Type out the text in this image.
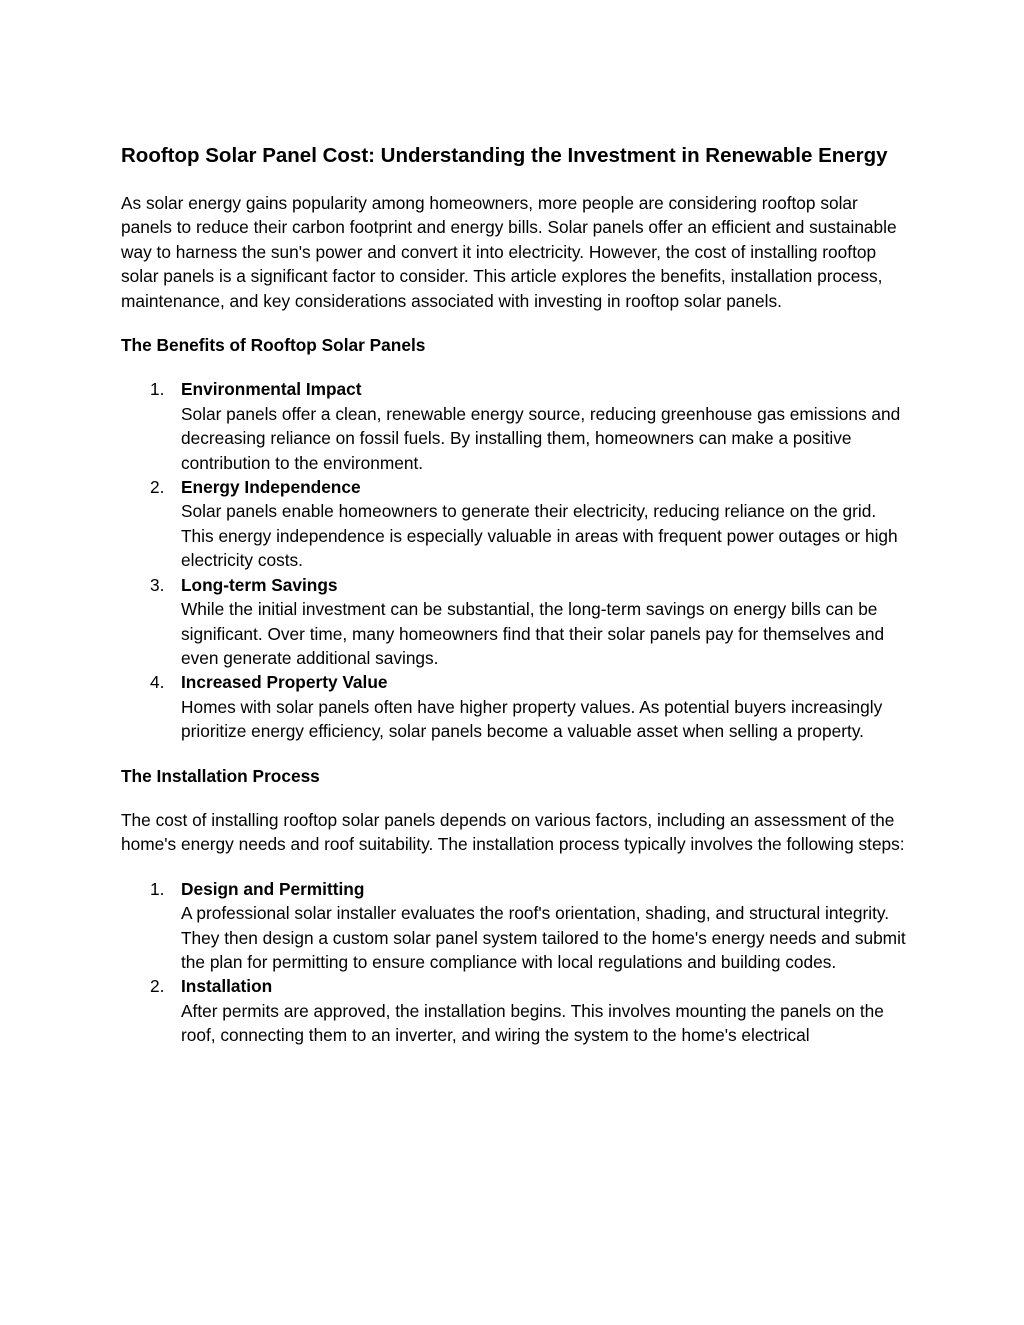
Rooftop Solar Panel Cost: Understanding the Investment in Renewable Energy

As solar energy gains popularity among homeowners, more people are considering rooftop solar panels to reduce their carbon footprint and energy bills. Solar panels offer an efficient and sustainable way to harness the sun's power and convert it into electricity. However, the cost of installing rooftop solar panels is a significant factor to consider. This article explores the benefits, installation process, maintenance, and key considerations associated with investing in rooftop solar panels.

The Benefits of Rooftop Solar Panels
1. Environmental Impact
Solar panels offer a clean, renewable energy source, reducing greenhouse gas emissions and decreasing reliance on fossil fuels. By installing them, homeowners can make a positive contribution to the environment.
2. Energy Independence
Solar panels enable homeowners to generate their electricity, reducing reliance on the grid. This energy independence is especially valuable in areas with frequent power outages or high electricity costs.
3. Long-term Savings
While the initial investment can be substantial, the long-term savings on energy bills can be significant. Over time, many homeowners find that their solar panels pay for themselves and even generate additional savings.
4. Increased Property Value
Homes with solar panels often have higher property values. As potential buyers increasingly prioritize energy efficiency, solar panels become a valuable asset when selling a property.
The Installation Process

The cost of installing rooftop solar panels depends on various factors, including an assessment of the home's energy needs and roof suitability. The installation process typically involves the following steps:

1. Design and Permitting
A professional solar installer evaluates the roof's orientation, shading, and structural integrity. They then design a custom solar panel system tailored to the home's energy needs and submit the plan for permitting to ensure compliance with local regulations and building codes.
2. Installation
After permits are approved, the installation begins. This involves mounting the panels on the roof, connecting them to an inverter, and wiring the system to the home's electrical
